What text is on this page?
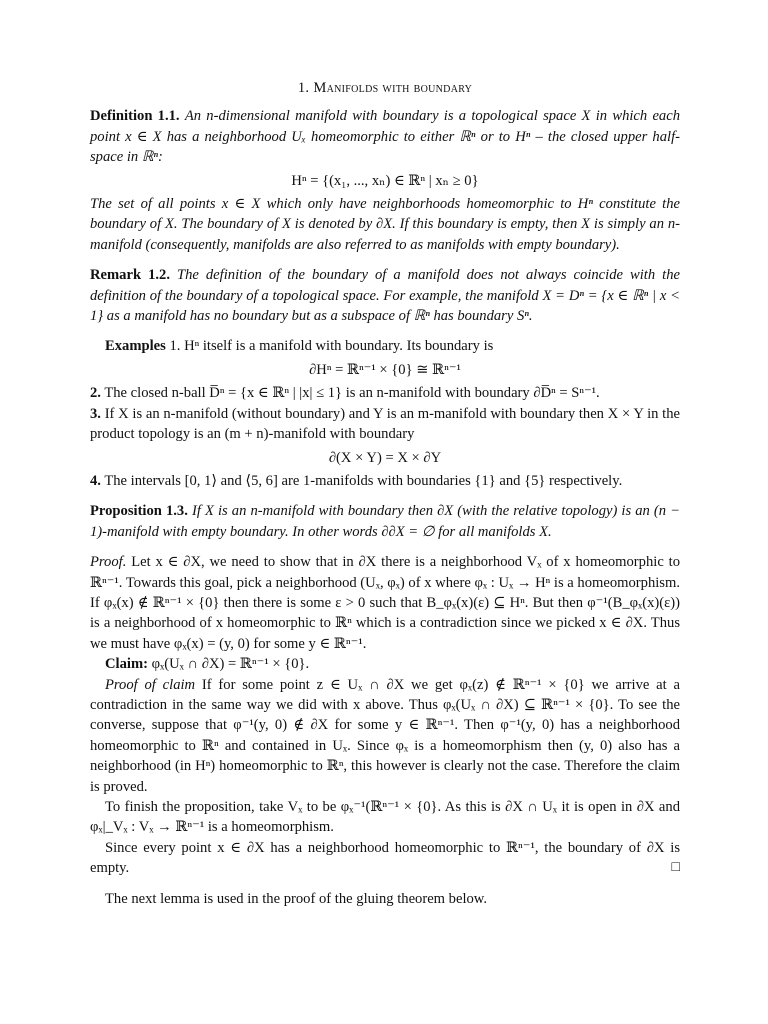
1. Manifolds with boundary

Definition 1.1. An n-dimensional manifold with boundary is a topological space X in which each point x ∈ X has a neighborhood Uₓ homeomorphic to either ℝⁿ or to Hⁿ – the closed upper half-space in ℝⁿ:

Hⁿ = {(x₁, ..., xₙ) ∈ ℝⁿ | xₙ ≥ 0}

The set of all points x ∈ X which only have neighborhoods homeomorphic to Hⁿ constitute the boundary of X. The boundary of X is denoted by ∂X. If this boundary is empty, then X is simply an n-manifold (consequently, manifolds are also referred to as manifolds with empty boundary).

Remark 1.2. The definition of the boundary of a manifold does not always coincide with the definition of the boundary of a topological space. For example, the manifold X = Dⁿ = {x ∈ ℝⁿ | x < 1} as a manifold has no boundary but as a subspace of ℝⁿ has boundary Sⁿ.

Examples 1. Hⁿ itself is a manifold with boundary. Its boundary is

∂Hⁿ = ℝⁿ⁻¹ × {0} ≅ ℝⁿ⁻¹

2. The closed n-ball D̅ⁿ = {x ∈ ℝⁿ | |x| ≤ 1} is an n-manifold with boundary ∂D̅ⁿ = Sⁿ⁻¹.

3. If X is an n-manifold (without boundary) and Y is an m-manifold with boundary then X × Y in the product topology is an (m + n)-manifold with boundary

∂(X × Y) = X × ∂Y

4. The intervals [0, 1⟩ and ⟨5, 6] are 1-manifolds with boundaries {1} and {5} respectively.

Proposition 1.3. If X is an n-manifold with boundary then ∂X (with the relative topology) is an (n − 1)-manifold with empty boundary. In other words ∂∂X = ∅ for all manifolds X.

Proof. Let x ∈ ∂X, we need to show that in ∂X there is a neighborhood Vₓ of x homeomorphic to ℝⁿ⁻¹. Towards this goal, pick a neighborhood (Uₓ, φₓ) of x where φₓ : Uₓ → Hⁿ is a homeomorphism. If φₓ(x) ∉ ℝⁿ⁻¹ × {0} then there is some ε > 0 such that B_φₓ(x)(ε) ⊆ Hⁿ. But then φ⁻¹(B_φₓ(x)(ε)) is a neighborhood of x homeomorphic to ℝⁿ which is a contradiction since we picked x ∈ ∂X. Thus we must have φₓ(x) = (y, 0) for some y ∈ ℝⁿ⁻¹.

Claim: φₓ(Uₓ ∩ ∂X) = ℝⁿ⁻¹ × {0}.

Proof of claim If for some point z ∈ Uₓ ∩ ∂X we get φₓ(z) ∉ ℝⁿ⁻¹ × {0} we arrive at a contradiction in the same way we did with x above. Thus φₓ(Uₓ ∩ ∂X) ⊆ ℝⁿ⁻¹ × {0}. To see the converse, suppose that φ⁻¹(y, 0) ∉ ∂X for some y ∈ ℝⁿ⁻¹. Then φ⁻¹(y, 0) has a neighborhood homeomorphic to ℝⁿ and contained in Uₓ. Since φₓ is a homeomorphism then (y, 0) also has a neighborhood (in Hⁿ) homeomorphic to ℝⁿ, this however is clearly not the case. Therefore the claim is proved.

To finish the proposition, take Vₓ to be φₓ⁻¹(ℝⁿ⁻¹ × {0}. As this is ∂X ∩ Uₓ it is open in ∂X and φₓ|_Vₓ : Vₓ → ℝⁿ⁻¹ is a homeomorphism.

Since every point x ∈ ∂X has a neighborhood homeomorphic to ℝⁿ⁻¹, the boundary of ∂X is empty.	□

The next lemma is used in the proof of the gluing theorem below.
